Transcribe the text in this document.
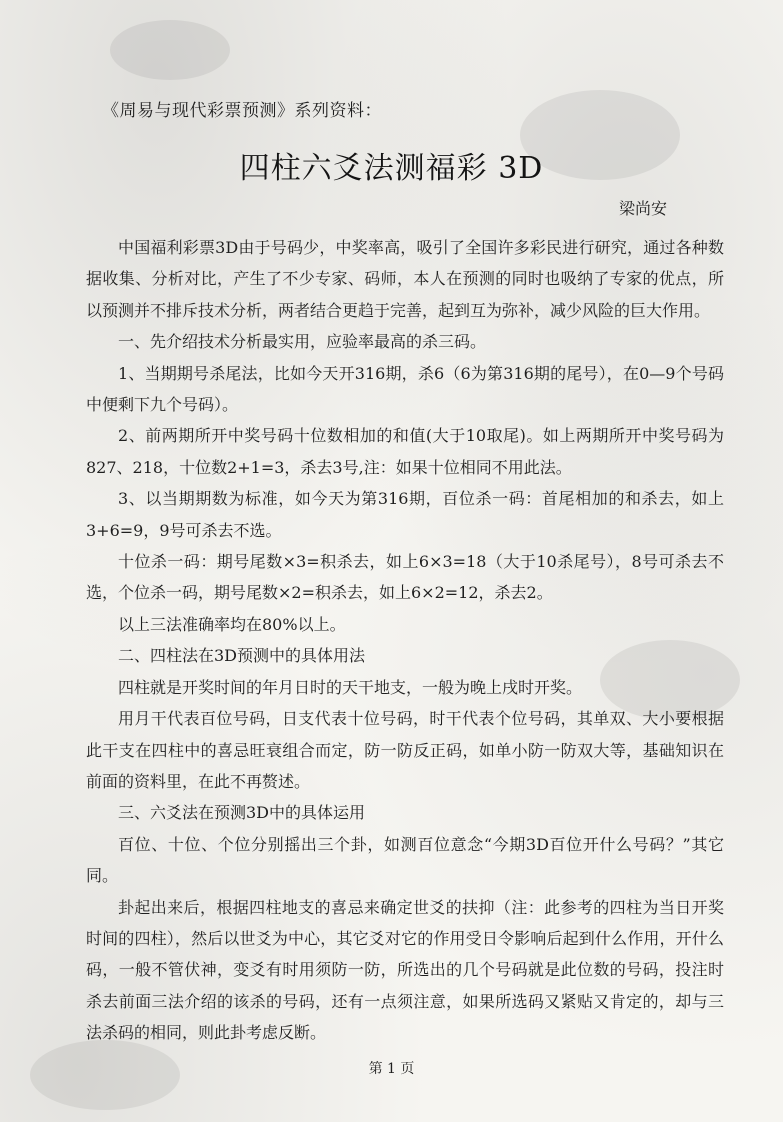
《周易与现代彩票预测》系列资料：
四柱六爻法测福彩 3D
梁尚安

中国福利彩票3D由于号码少，中奖率高，吸引了全国许多彩民进行研究，通过各种数据收集、分析对比，产生了不少专家、码师，本人在预测的同时也吸纳了专家的优点，所以预测并不排斥技术分析，两者结合更趋于完善，起到互为弥补，减少风险的巨大作用。

一、先介绍技术分析最实用，应验率最高的杀三码。

1、当期期号杀尾法，比如今天开316期，杀6（6为第316期的尾号），在0—9个号码中便剩下九个号码）。

2、前两期所开中奖号码十位数相加的和值(大于10取尾)。如上两期所开中奖号码为827、218，十位数2+1=3，杀去3号,注：如果十位相同不用此法。

3、以当期期数为标准，如今天为第316期，百位杀一码：首尾相加的和杀去，如上3+6=9，9号可杀去不选。

十位杀一码：期号尾数×3=积杀去，如上6×3=18（大于10杀尾号），8号可杀去不选，个位杀一码，期号尾数×2=积杀去，如上6×2=12，杀去2。

以上三法准确率均在80%以上。

二、四柱法在3D预测中的具体用法

四柱就是开奖时间的年月日时的天干地支，一般为晚上戌时开奖。

用月干代表百位号码，日支代表十位号码，时干代表个位号码，其单双、大小要根据此干支在四柱中的喜忌旺衰组合而定，防一防反正码，如单小防一防双大等，基础知识在前面的资料里，在此不再赘述。

三、六爻法在预测3D中的具体运用

百位、十位、个位分别摇出三个卦，如测百位意念“今期3D百位开什么号码？”其它同。

卦起出来后，根据四柱地支的喜忌来确定世爻的扶抑（注：此参考的四柱为当日开奖时间的四柱），然后以世爻为中心，其它爻对它的作用受日令影响后起到什么作用，开什么码，一般不管伏神，变爻有时用须防一防，所选出的几个号码就是此位数的号码，投注时杀去前面三法介绍的该杀的号码，还有一点须注意，如果所选码又紧贴又肯定的，却与三法杀码的相同，则此卦考虑反断。

第 1 页
